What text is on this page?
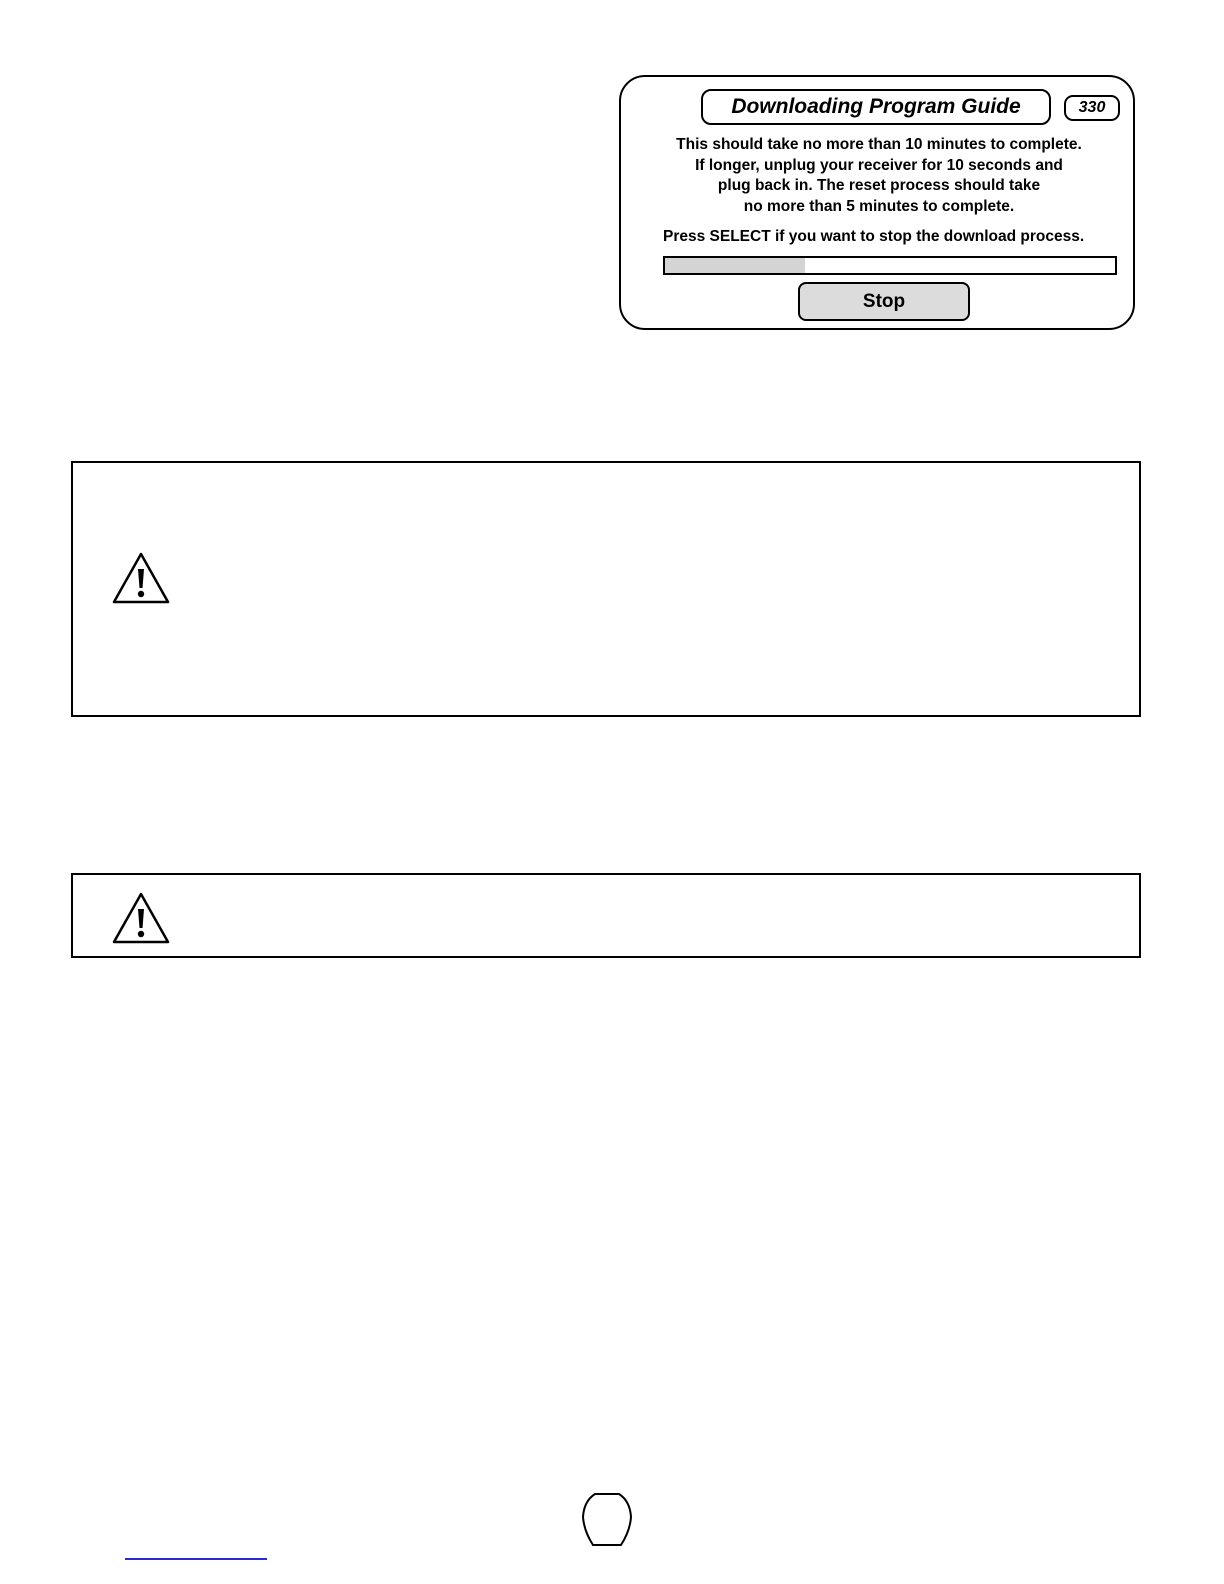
Downloading Program Guide	330
This should take no more than 10 minutes to complete.
If longer, unplug your receiver for 10 seconds and
plug back in. The reset process should take
no more than 5 minutes to complete.
Press SELECT if you want to stop the download process.
Stop
